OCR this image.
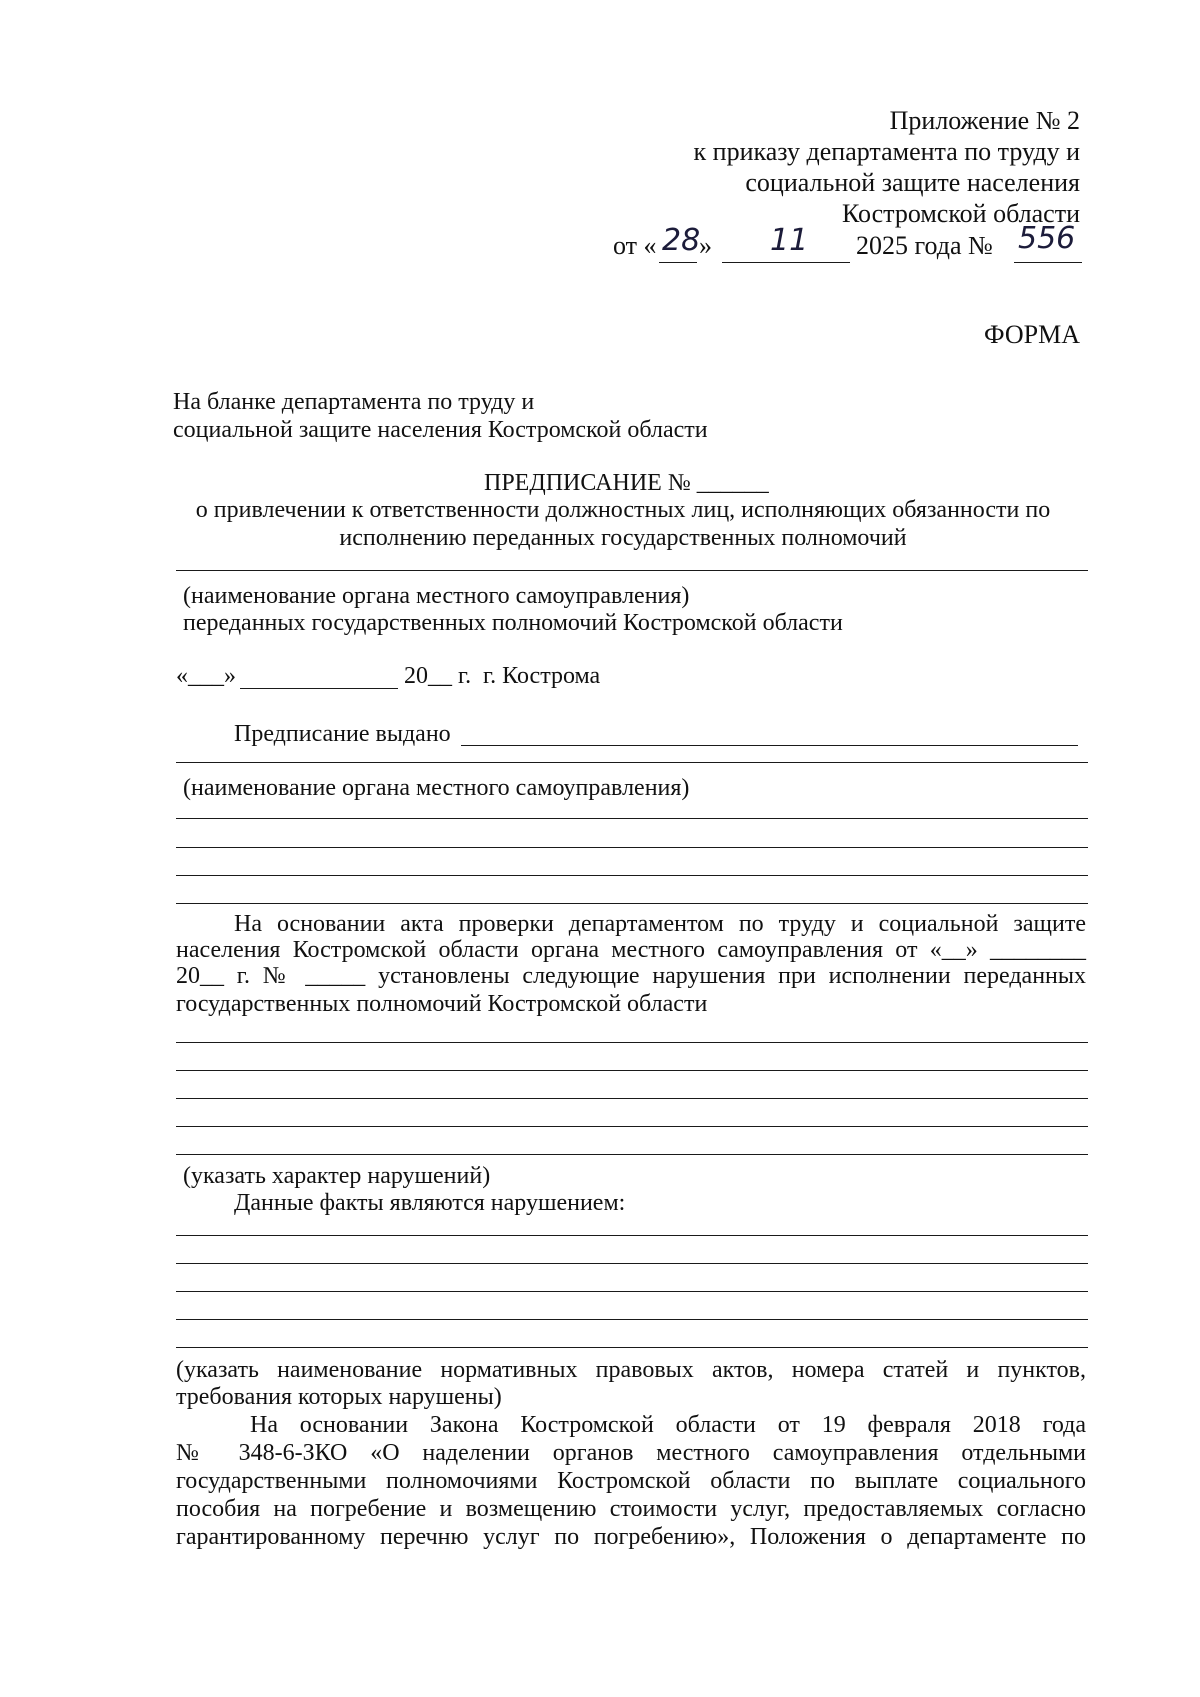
Приложение № 2
к приказу департамента по труду и
социальной защите населения
Костромской области
от « 28
» 11 2025 года № 556
ФОРМА
На бланке департамента по труду и
социальной защите населения Костромской области
ПРЕДПИСАНИЕ № ______
о привлечении к ответственности должностных лиц, исполняющих обязанности по
исполнению переданных государственных полномочий
(наименование органа местного самоуправления)
переданных государственных полномочий Костромской области
«___»	20__ г. г. Кострома
Предписание выдано
(наименование органа местного самоуправления)
На основании акта проверки департаментом по труду и социальной защите
населения Костромской области органа местного самоуправления от «__» ________
20__ г. № _____ установлены следующие нарушения при исполнении переданных
государственных полномочий Костромской области
(указать характер нарушений)
Данные факты являются нарушением:
(указать наименование нормативных правовых актов, номера статей и пунктов,
требования которых нарушены)
На основании Закона Костромской области от 19 февраля 2018 года
№ 348-6-ЗКО «О наделении органов местного самоуправления отдельными
государственными полномочиями Костромской области по выплате социального
пособия на погребение и возмещению стоимости услуг, предоставляемых согласно
гарантированному перечню услуг по погребению», Положения о департаменте по
